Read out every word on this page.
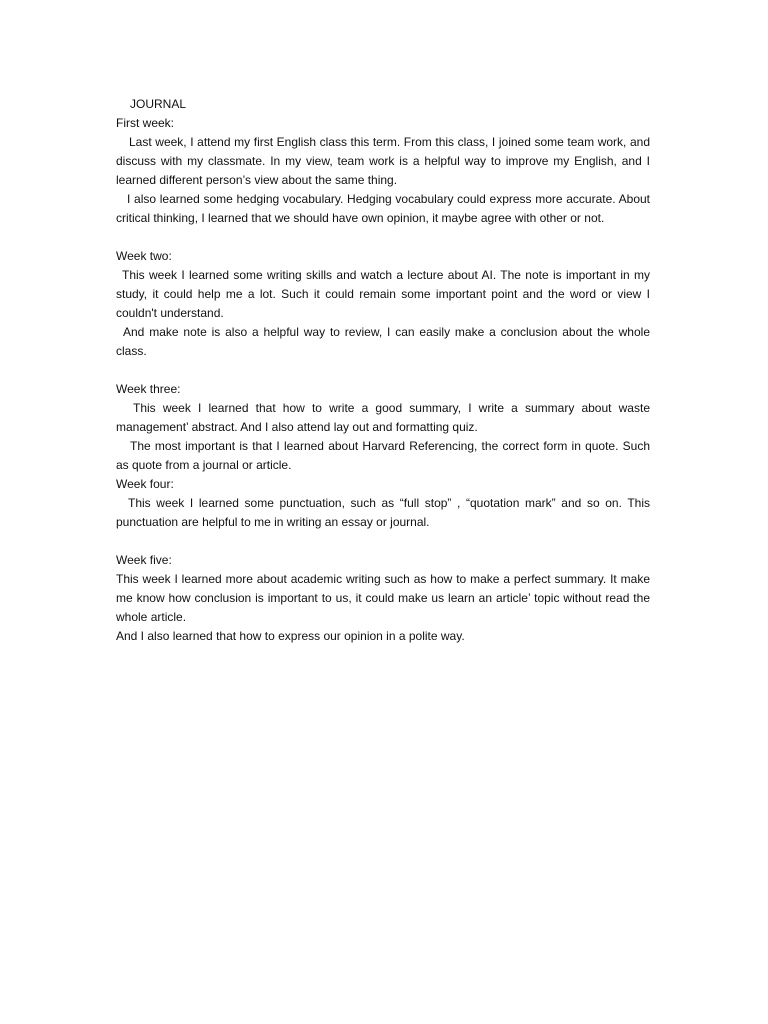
JOURNAL

First week:

Last week, I attend my first English class this term. From this class, I joined some team work, and discuss with my classmate. In my view, team work is a helpful way to improve my English, and I learned different person’s view about the same thing.

I also learned some hedging vocabulary. Hedging vocabulary could express more accurate. About critical thinking, I learned that we should have own opinion, it maybe agree with other or not.

Week two:

This week I learned some writing skills and watch a lecture about AI. The note is important in my study, it could help me a lot. Such it could remain some important point and the word or view I couldn't understand.

And make note is also a helpful way to review, I can easily make a conclusion about the whole class.

Week three:

This week I learned that how to write a good summary, I write a summary about waste management’ abstract. And I also attend lay out and formatting quiz.

The most important is that I learned about Harvard Referencing, the correct form in quote. Such as quote from a journal or article.

Week four:

This week I learned some punctuation, such as “full stop” , “quotation mark” and so on. This punctuation are helpful to me in writing an essay or journal.

Week five:

This week I learned more about academic writing such as how to make a perfect summary. It make me know how conclusion is important to us, it could make us learn an article’ topic without read the whole article.

And I also learned that how to express our opinion in a polite way.
